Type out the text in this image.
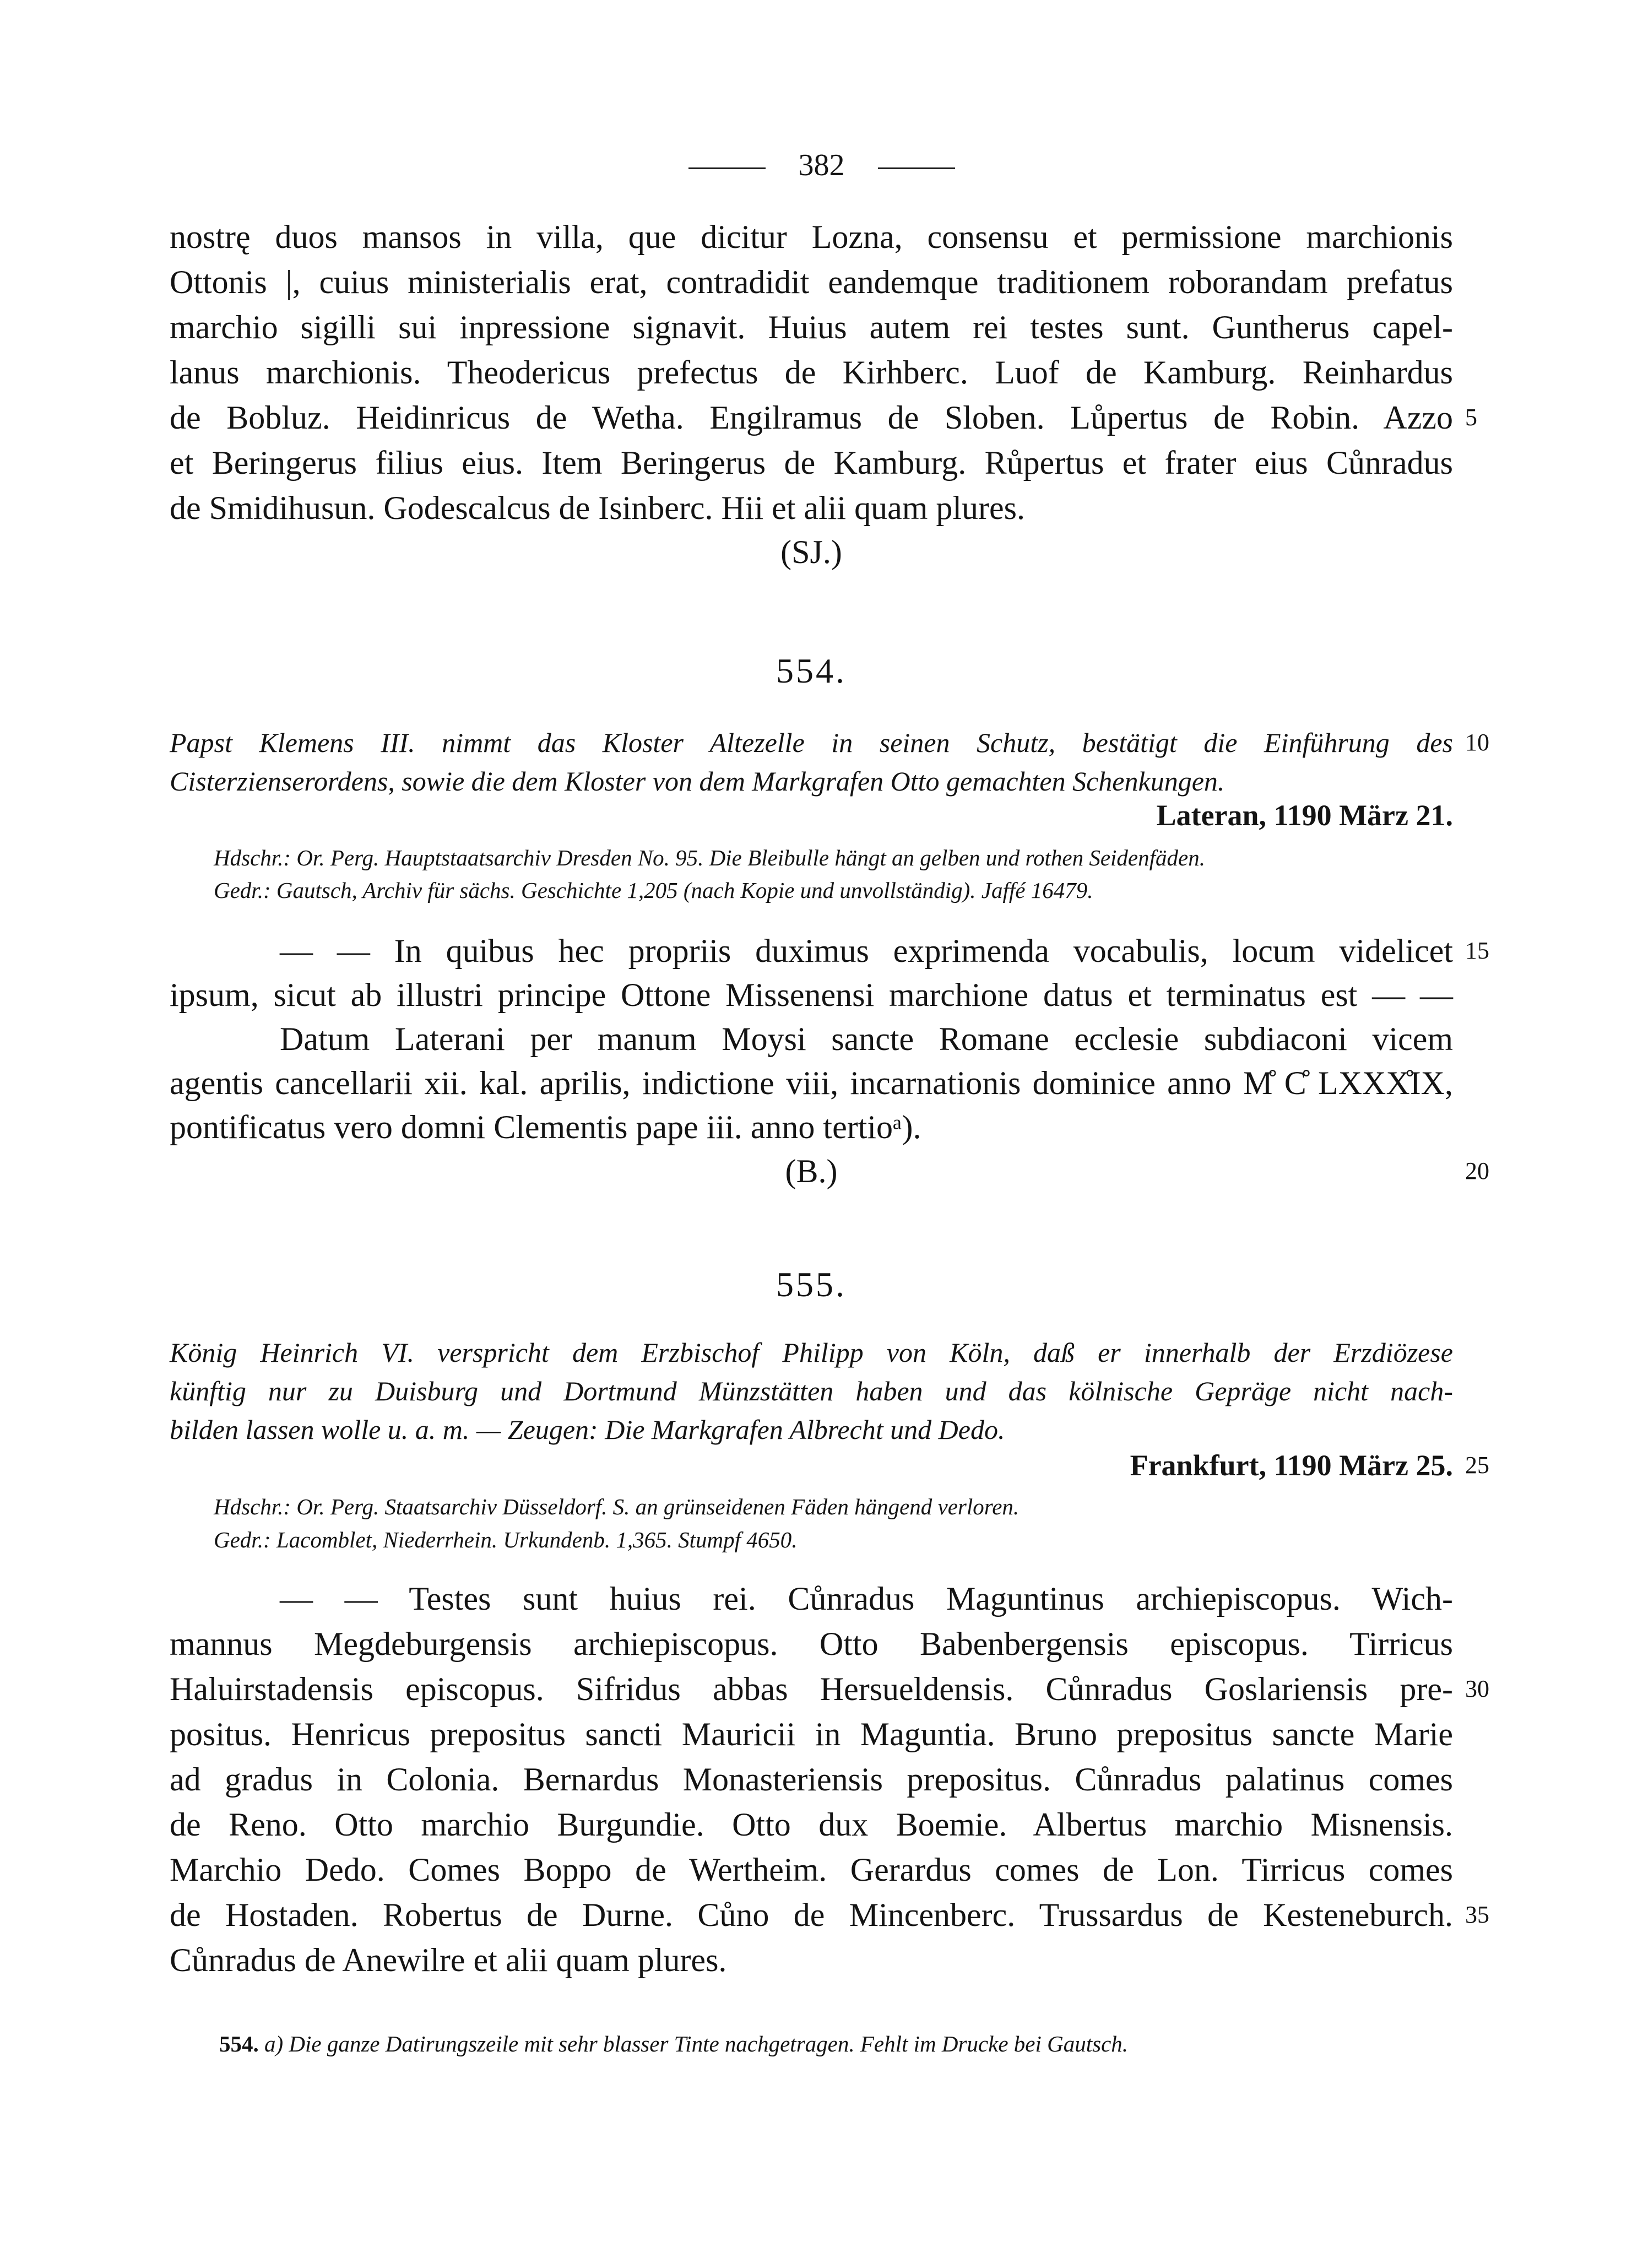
382
nostrę duos mansos in villa, que dicitur Lozna, consensu et permissione marchionis
Ottonis |, cuius ministerialis erat, contradidit eandemque traditionem roborandam prefatus
marchio sigilli sui inpressione signavit. Huius autem rei testes sunt. Guntherus capel-
lanus marchionis. Theodericus prefectus de Kirhberc. Luof de Kamburg. Reinhardus
de Bobluz. Heidinricus de Wetha. Engilramus de Sloben. Lůpertus de Robin. Azzo
et Beringerus filius eius. Item Beringerus de Kamburg. Růpertus et frater eius Cůnradus
de Smidihusun. Godescalcus de Isinberc. Hii et alii quam plures.
(SJ.)
554.
Papst Klemens III. nimmt das Kloster Altezelle in seinen Schutz, bestätigt die Einführung des
Cisterzienserordens, sowie die dem Kloster von dem Markgrafen Otto gemachten Schenkungen.
Lateran, 1190 März 21.
Hdschr.: Or. Perg. Hauptstaatsarchiv Dresden No. 95. Die Bleibulle hängt an gelben und rothen Seidenfäden.
Gedr.: Gautsch, Archiv für sächs. Geschichte 1,205 (nach Kopie und unvollständig). Jaffé 16479.
— — In quibus hec propriis duximus exprimenda vocabulis, locum videlicet
ipsum, sicut ab illustri principe Ottone Missenensi marchione datus et terminatus est — —
Datum Laterani per manum Moysi sancte Romane ecclesie subdiaconi vicem
agentis cancellarii xii. kal. aprilis, indictione viii, incarnationis dominice anno M̊ C̊ LXXX̊IX,
pontificatus vero domni Clementis pape iii. anno tertioᵃ).
(B.)
555.
König Heinrich VI. verspricht dem Erzbischof Philipp von Köln, daß er innerhalb der Erzdiözese
künftig nur zu Duisburg und Dortmund Münzstätten haben und das kölnische Gepräge nicht nach-
bilden lassen wolle u. a. m. — Zeugen: Die Markgrafen Albrecht und Dedo.
Frankfurt, 1190 März 25.
Hdschr.: Or. Perg. Staatsarchiv Düsseldorf. S. an grünseidenen Fäden hängend verloren.
Gedr.: Lacomblet, Niederrhein. Urkundenb. 1,365. Stumpf 4650.
— — Testes sunt huius rei. Cůnradus Maguntinus archiepiscopus. Wich-
mannus Megdeburgensis archiepiscopus. Otto Babenbergensis episcopus. Tirricus
Haluirstadensis episcopus. Sifridus abbas Hersueldensis. Cůnradus Goslariensis pre-
positus. Henricus prepositus sancti Mauricii in Maguntia. Bruno prepositus sancte Marie
ad gradus in Colonia. Bernardus Monasteriensis prepositus. Cůnradus palatinus comes
de Reno. Otto marchio Burgundie. Otto dux Boemie. Albertus marchio Misnensis.
Marchio Dedo. Comes Boppo de Wertheim. Gerardus comes de Lon. Tirricus comes
de Hostaden. Robertus de Durne. Cůno de Mincenberc. Trussardus de Kesteneburch.
Cůnradus de Anewilre et alii quam plures.
554. a) Die ganze Datirungszeile mit sehr blasser Tinte nachgetragen. Fehlt im Drucke bei Gautsch.
5
10
15
20
25
30
35
